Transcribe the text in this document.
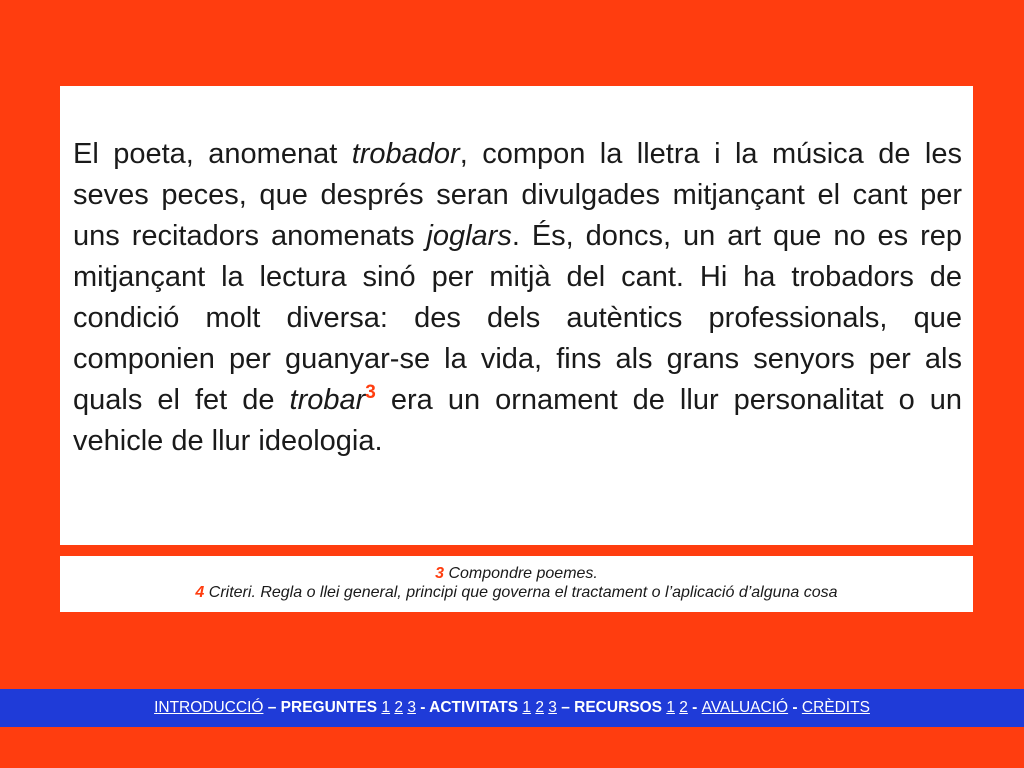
El poeta, anomenat trobador, compon la lletra i la música de les seves peces, que després seran divulgades mitjançant el cant per uns recitadors anomenats joglars. És, doncs, un art que no es rep mitjançant la lectura sinó per mitjà del cant. Hi ha trobadors de condició molt diversa: des dels autèntics professionals, que componien per guanyar-se la vida, fins als grans senyors per als quals el fet de trobar$^3$ era un ornament de llur personalitat o un vehicle de llur ideologia.

3 Compondre poemes.
4 Criteri. Regla o llei general, principi que governa el tractament o l’aplicació d’alguna cosa
INTRODUCCIÓ – PREGUNTES 1 2 3 - ACTIVITATS 1 2 3 – RECURSOS 1 2 - AVALUACIÓ - CRÈDITS
